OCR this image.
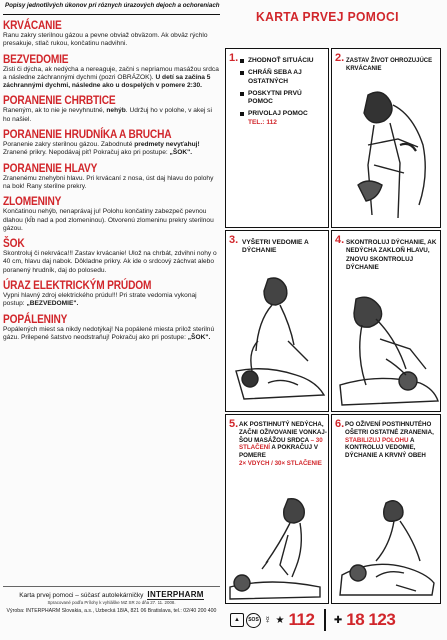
Popisy jednotlivých úkonov pri rôznych úrazových dejoch a ochoreniach
KRVÁCANIE

Ranu zakry sterilnou gázou a pevne obviaž obväzom. Ak obväz rýchlo presakuje, stlač rukou, končatinu nadvihni.

BEZVEDOMIE

Zisti či dýcha, ak nedýcha a nereaguje, začni s nepriamou masážou srdca a následne záchrannými dychmi (pozri OBRÁZOK). U detí sa začína 5 záchrannými dychmi, následne ako u dospelých v pomere 2:30.

PORANENIE CHRBTICE

Raneným, ak to nie je nevyhnutné, nehýb. Udržuj ho v polohe, v akej si ho našiel.

PORANENIE HRUDNÍKA A BRUCHA

Poranenie zakry sterilnou gázou. Zabodnuté predmety nevyťahuj! Zranené prikry. Nepodávaj piť! Pokračuj ako pri postupe: „ŠOK".

PORANENIE HLAVY

Zranenému znehybni hlavu. Pri krvácaní z nosa, úst daj hlavu do polohy na bok! Rany sterilne prekry.

ZLOMENINY

Končatinou nehýb, nenaprávaj ju! Polohu končatiny zabezpeč pevnou dlahou (kĺb nad a pod zlomeninou). Otvorenú zlomeninu prekry sterilnou gázou.

ŠOK

Skontroluj či nekrváca!!! Zastav krvácanie! Ulož na chrbát, zdvihni nohy o 40 cm, hlavu daj nabok. Dôkladne prikry. Ak ide o srdcový záchvat alebo poranený hrudník, daj do polosedu.

ÚRAZ ELEKTRICKÝM PRÚDOM

Vypni hlavný zdroj elektrického prúdu!!! Pri strate vedomia vykonaj postup: „BEZVEDOMIE".

POPÁLENINY

Popálených miest sa nikdy nedotýkaj! Na popálené miesta prilož sterilnú gázu. Prilepené šatstvo neodstraňuj! Pokračuj ako pri postupe: „ŠOK".

Karta prvej pomoci – súčasť autolekárničky INTERPHARM
Spracované podľa Prílohy k vyhláške MZ SR zo dňa 27. 11. 2008.
Výroba: INTERPHARM Slovakia, a.s., Uzbecká 18/A, 821 06 Bratislava, tel.: 02/40 200 400
KARTA PRVEJ POMOCI
1.	ZHODNOŤ SITUÁCIU
CHRÁŇ SEBA AJ OSTATNÝCH
POSKYTNI PRVÚ POMOC
PRIVOLAJ POMOC
TEL.: 112
2. ZASTAV ŽIVOT OHROZUJÚCE KRVÁCANIE
3. VYŠETRI VEDOMIE A DÝCHANIE
4. SKONTROLUJ DÝCHANIE, AK NEDÝCHA ZAKLOŇ HLAVU, ZNOVU SKONTROLUJ DÝCHANIE
5. AK POSTIHNUTÝ NEDÝCHA, ZAČNI OŽIVOVANIE VONKAJ-ŠOU MASÁŽOU SRDCA – 30 STLAČENÍ A POKRAČUJ V POMERE
2× VDYCH / 30× STLAČENIE
6. PO OŽIVENÍ POSTIHNUTÉHO OŠETRI OSTATNÉ ZRANENIA, STABILIZUJ POLOHU A KONTROLUJ VEDOMIE, DÝCHANIE A KRVNÝ OBEH
▲	SOS ☿ ★ 112 ✚ 18 123
